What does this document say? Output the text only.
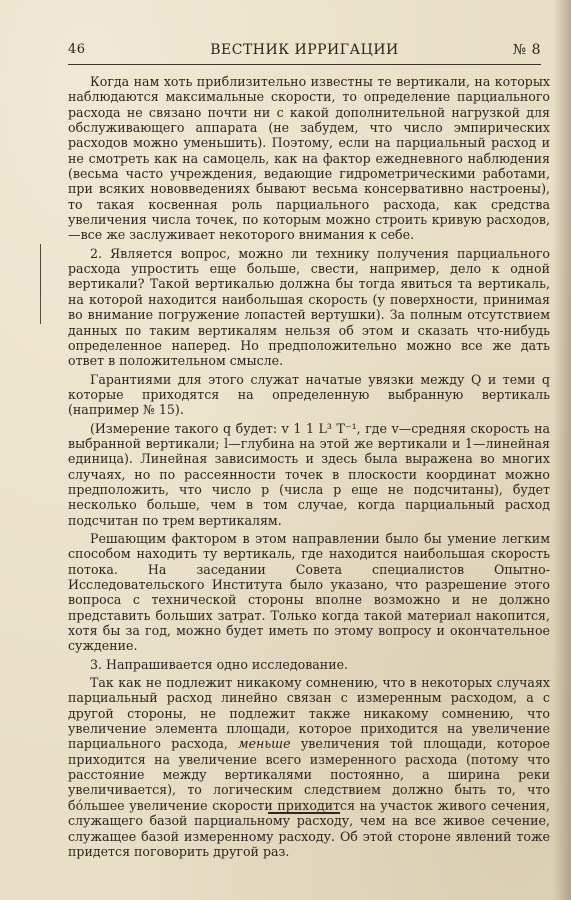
46	ВЕСТНИК ИРРИГАЦИИ	№ 8

Когда нам хоть приблизительно известны те вертикали, на которых наблюдаются максимальные скорости, то определение парциального расхода не связано почти ни с какой дополнительной нагрузкой для обслуживающего аппарата (не забудем, что число эмпирических расходов можно уменьшить). Поэтому, если на парциальный расход и не смотреть как на самоцель, как на фактор ежедневного наблюдения (весьма часто учреждения, ведающие гидрометрическими работами, при всяких нововведениях бывают весьма консервативно настроены), то такая косвенная роль парциального расхода, как средства увеличения числа точек, по которым можно строить кривую расходов,—все же заслуживает некоторого внимания к себе.

2. Является вопрос, можно ли технику получения парциального расхода упростить еще больше, свести, например, дело к одной вертикали? Такой вертикалью должна бы тогда явиться та вертикаль, на которой находится наибольшая скорость (у поверхности, принимая во внимание погружение лопастей вертушки). За полным отсутствием данных по таким вертикалям нельзя об этом и сказать что-нибудь определенное наперед. Но предположительно можно все же дать ответ в положительном смысле.

Гарантиями для этого служат начатые увязки между Q и теми q которые приходятся на определенную выбранную вертикаль (например № 15).

(Измерение такого q будет: v 1 1 L³ T⁻¹, где v—средняя скорость на выбранной вертикали; l—глубина на этой же вертикали и 1—линейная единица). Линейная зависимость и здесь была выражена во многих случаях, но по рассеянности точек в плоскости координат можно предположить, что число p (числа p еще не подсчитаны), будет несколько больше, чем в том случае, когда парциальный расход подсчитан по трем вертикалям.

Решающим фактором в этом направлении было бы умение легким способом находить ту вертикаль, где находится наибольшая скорость потока. На заседании Совета специалистов Опытно-Исследовательского Института было указано, что разрешение этого вопроса с технической стороны вполне возможно и не должно представить больших затрат. Только когда такой материал накопится, хотя бы за год, можно будет иметь по этому вопросу и окончательное суждение.

3. Напрашивается одно исследование.

Так как не подлежит никакому сомнению, что в некоторых случаях парциальный расход линейно связан с измеренным расходом, а с другой стороны, не подлежит также никакому сомнению, что увеличение элемента площади, которое приходится на увеличение парциального расхода, меньше увеличения той площади, которое приходится на увеличение всего измеренного расхода (потому что расстояние между вертикалями постоянно, а ширина реки увеличивается), то логическим следствием должно быть то, что бо́льшее увеличение скорости приходится на участок живого сечения, служащего базой парциальному расходу, чем на все живое сечение, служащее базой измеренному расходу. Об этой стороне явлений тоже придется поговорить другой раз.
